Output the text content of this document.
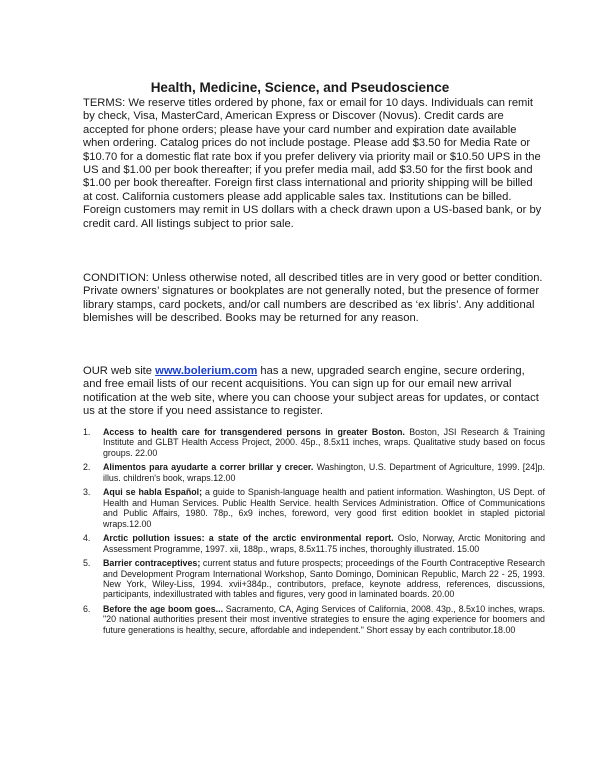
Health, Medicine, Science, and Pseudoscience

TERMS: We reserve titles ordered by phone, fax or email for 10 days. Individuals can remit by check, Visa, MasterCard, American Express or Discover (Novus). Credit cards are accepted for phone orders; please have your card number and expiration date available when ordering. Catalog prices do not include postage. Please add $3.50 for Media Rate or $10.70 for a domestic flat rate box if you prefer delivery via priority mail or $10.50 UPS in the US and $1.00 per book thereafter; if you prefer media mail, add $3.50 for the first book and $1.00 per book thereafter. Foreign first class international and priority shipping will be billed at cost. California customers please add applicable sales tax. Institutions can be billed. Foreign customers may remit in US dollars with a check drawn upon a US-based bank, or by credit card. All listings subject to prior sale.

CONDITION: Unless otherwise noted, all described titles are in very good or better condition. Private owners’ signatures or bookplates are not generally noted, but the presence of former library stamps, card pockets, and/or call numbers are described as ‘ex libris’. Any additional blemishes will be described. Books may be returned for any reason.

OUR web site www.bolerium.com has a new, upgraded search engine, secure ordering, and free email lists of our recent acquisitions. You can sign up for our email new arrival notification at the web site, where you can choose your subject areas for updates, or contact us at the store if you need assistance to register.

1. Access to health care for transgendered persons in greater Boston. Boston, JSI Research & Training Institute and GLBT Health Access Project, 2000. 45p., 8.5x11 inches, wraps. Qualitative study based on focus groups. 22.00
2. Alimentos para ayudarte a correr brillar y crecer. Washington, U.S. Department of Agriculture, 1999. [24]p. illus. children's book, wraps.12.00
3. Aqui se habla Español; a guide to Spanish-language health and patient information. Washington, US Dept. of Health and Human Services. Public Health Service. health Services Administration. Office of Communications and Public Affairs, 1980. 78p., 6x9 inches, foreword, very good first edition booklet in stapled pictorial wraps.12.00
4. Arctic pollution issues: a state of the arctic environmental report. Oslo, Norway, Arctic Monitoring and Assessment Programme, 1997. xii, 188p., wraps, 8.5x11.75 inches, thoroughly illustrated. 15.00
5. Barrier contraceptives; current status and future prospects; proceedings of the Fourth Contraceptive Research and Development Program International Workshop, Santo Domingo, Dominican Republic, March 22 - 25, 1993. New York, Wiley-Liss, 1994. xvii+384p., contributors, preface, keynote address, references, discussions, participants, indexillustrated with tables and figures, very good in laminated boards. 20.00
6. Before the age boom goes... Sacramento, CA, Aging Services of California, 2008. 43p., 8.5x10 inches, wraps. "20 national authorities present their most inventive strategies to ensure the aging experience for boomers and future generations is healthy, secure, affordable and independent." Short essay by each contributor.18.00
